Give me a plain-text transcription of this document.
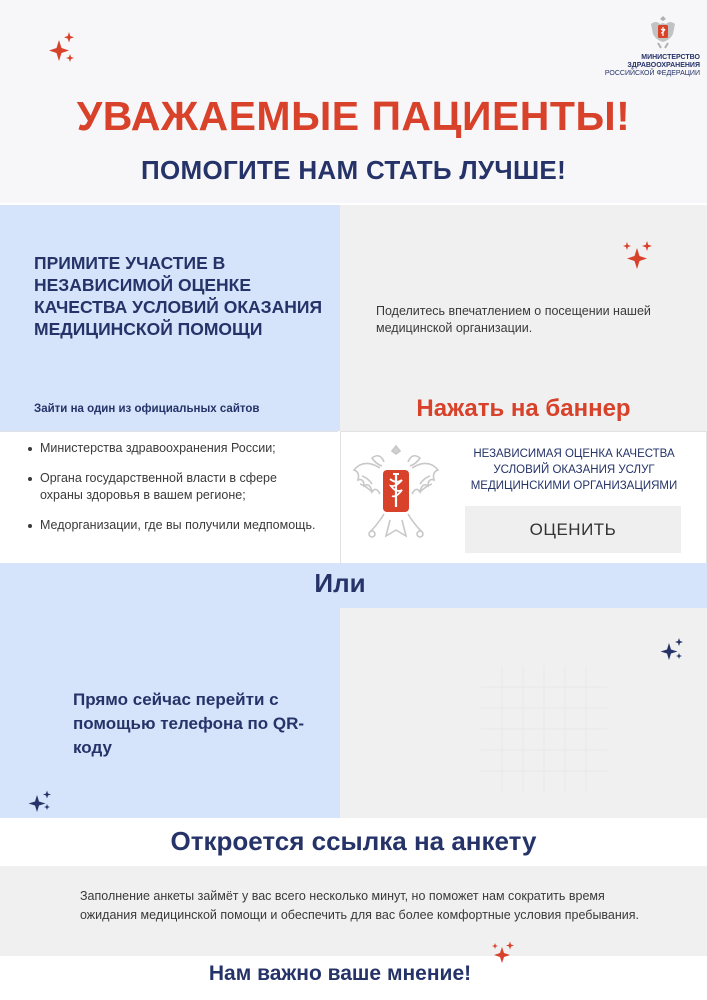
МИНИСТЕРСТВО
ЗДРАВООХРАНЕНИЯ
РОССИЙСКОЙ ФЕДЕРАЦИИ
УВАЖАЕМЫЕ ПАЦИЕНТЫ!
ПОМОГИТЕ НАМ СТАТЬ ЛУЧШЕ!
ПРИМИТЕ УЧАСТИЕ В НЕЗАВИСИМОЙ ОЦЕНКЕ КАЧЕСТВА УСЛОВИЙ ОКАЗАНИЯ МЕДИЦИНСКОЙ ПОМОЩИ
Зайти на один из официальных сайтов
Поделитесь впечатлением о посещении нашей медицинской организации.
Нажать на баннер
Министерства здравоохранения России;
Органа государственной власти в сфере охраны здоровья в вашем регионе;
Медорганизации, где вы получили медпомощь.
НЕЗАВИСИМАЯ ОЦЕНКА КАЧЕСТВА УСЛОВИЙ ОКАЗАНИЯ УСЛУГ МЕДИЦИНСКИМИ ОРГАНИЗАЦИЯМИ
ОЦЕНИТЬ
Или
Прямо сейчас перейти с помощью телефона по QR-коду
Откроется ссылка на анкету
Заполнение анкеты займёт у вас всего несколько минут, но поможет нам сократить время ожидания медицинской помощи и обеспечить для вас более комфортные условия пребывания.
Нам важно ваше мнение!
